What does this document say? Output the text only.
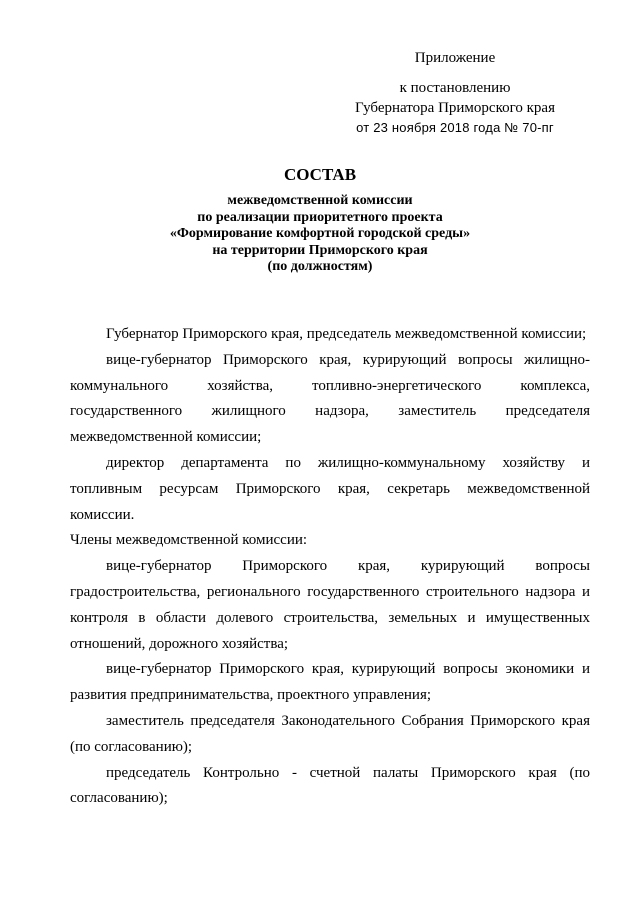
Приложение
к постановлению
Губернатора Приморского края
от 23 ноября 2018 года № 70-пг
СОСТАВ
межведомственной комиссии
по реализации приоритетного проекта
«Формирование комфортной городской среды»
на территории Приморского края
(по должностям)

Губернатор Приморского края, председатель межведомственной комиссии;

вице-губернатор Приморского края, курирующий вопросы жилищно-коммунального хозяйства, топливно-энергетического комплекса, государственного жилищного надзора, заместитель председателя межведомственной комиссии;

директор департамента по жилищно-коммунальному хозяйству и топливным ресурсам Приморского края, секретарь межведомственной комиссии.

Члены межведомственной комиссии:

вице-губернатор Приморского края, курирующий вопросы градостроительства, регионального государственного строительного надзора и контроля в области долевого строительства, земельных и имущественных отношений, дорожного хозяйства;

вице-губернатор Приморского края, курирующий вопросы экономики и развития предпринимательства, проектного управления;

заместитель председателя Законодательного Собрания Приморского края (по согласованию);

председатель Контрольно - счетной палаты Приморского края (по согласованию);
